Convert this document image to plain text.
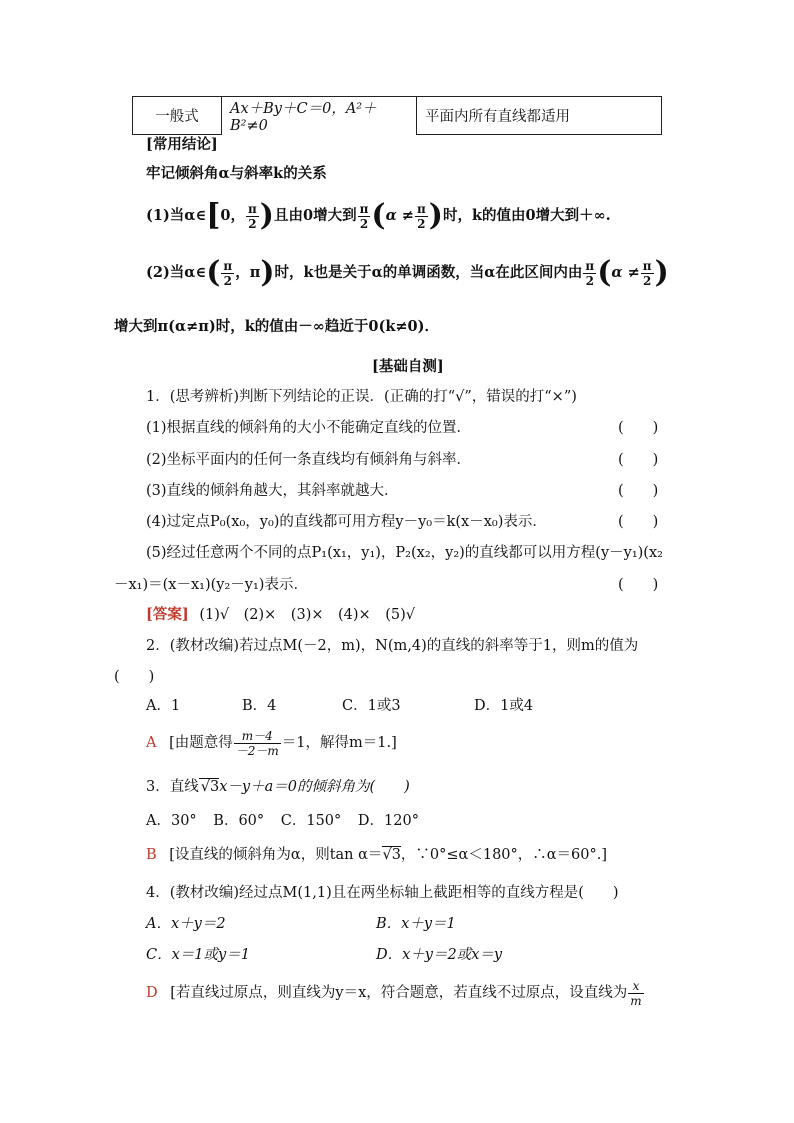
一般式	Ax＋By＋C＝0，A²＋B²≠0	平面内所有直线都适用
[常用结论]
牢记倾斜角α与斜率k的关系
(1)当α∈[0， $\frac{\pi}{2}$ )且由0增大到 $\frac{\pi}{2} (\alpha \ne \frac{\pi}{2}$ )时，k的值由0增大到＋∞.
(2)当α∈( $\frac{\pi}{2}$ ，π)时，k也是关于α的单调函数，当α在此区间内由 $\frac{\pi}{2} (\alpha \ne \frac{\pi}{2}$ )
增大到π(α≠π)时，k的值由－∞趋近于0(k≠0)．
[基础自测]
1．(思考辨析)判断下列结论的正误．(正确的打“√”，错误的打“×”)
(1)根据直线的倾斜角的大小不能确定直线的位置．	(　　)
(2)坐标平面内的任何一条直线均有倾斜角与斜率．	(　　)
(3)直线的倾斜角越大，其斜率就越大．	(　　)
(4)过定点P₀(x₀，y₀)的直线都可用方程y－y₀＝k(x－x₀)表示．	(　　)
(5)经过任意两个不同的点P₁(x₁，y₁)，P₂(x₂，y₂)的直线都可以用方程(y－y₁)(x₂
－x₁)＝(x－x₁)(y₂－y₁)表示．	(　　)
[答案] (1)√　(2)×　(3)×　(4)×　(5)√
2．(教材改编)若过点M(－2，m)，N(m,4)的直线的斜率等于1，则m的值为
(　　)
A．1	B．4	C．1或3	D．1或4
A [由题意得 $\frac{m-4}{-2-m} =1$，解得m＝1.]
3．直线 √3x－y＋a＝0的倾斜角为(　　)
A．30° B．60° C．150° D．120°
B [设直线的倾斜角为α，则tan α＝√3，∵0°≤α＜180°，∴α＝60°.]
4．(教材改编)经过点M(1,1)且在两坐标轴上截距相等的直线方程是(　　)
A．x＋y＝2	B．x＋y＝1
C．x＝1或y＝1	D．x＋y＝2或x＝y
D [若直线过原点，则直线为y＝x，符合题意，若直线不过原点，设直线为 $\frac{x}{m}$
